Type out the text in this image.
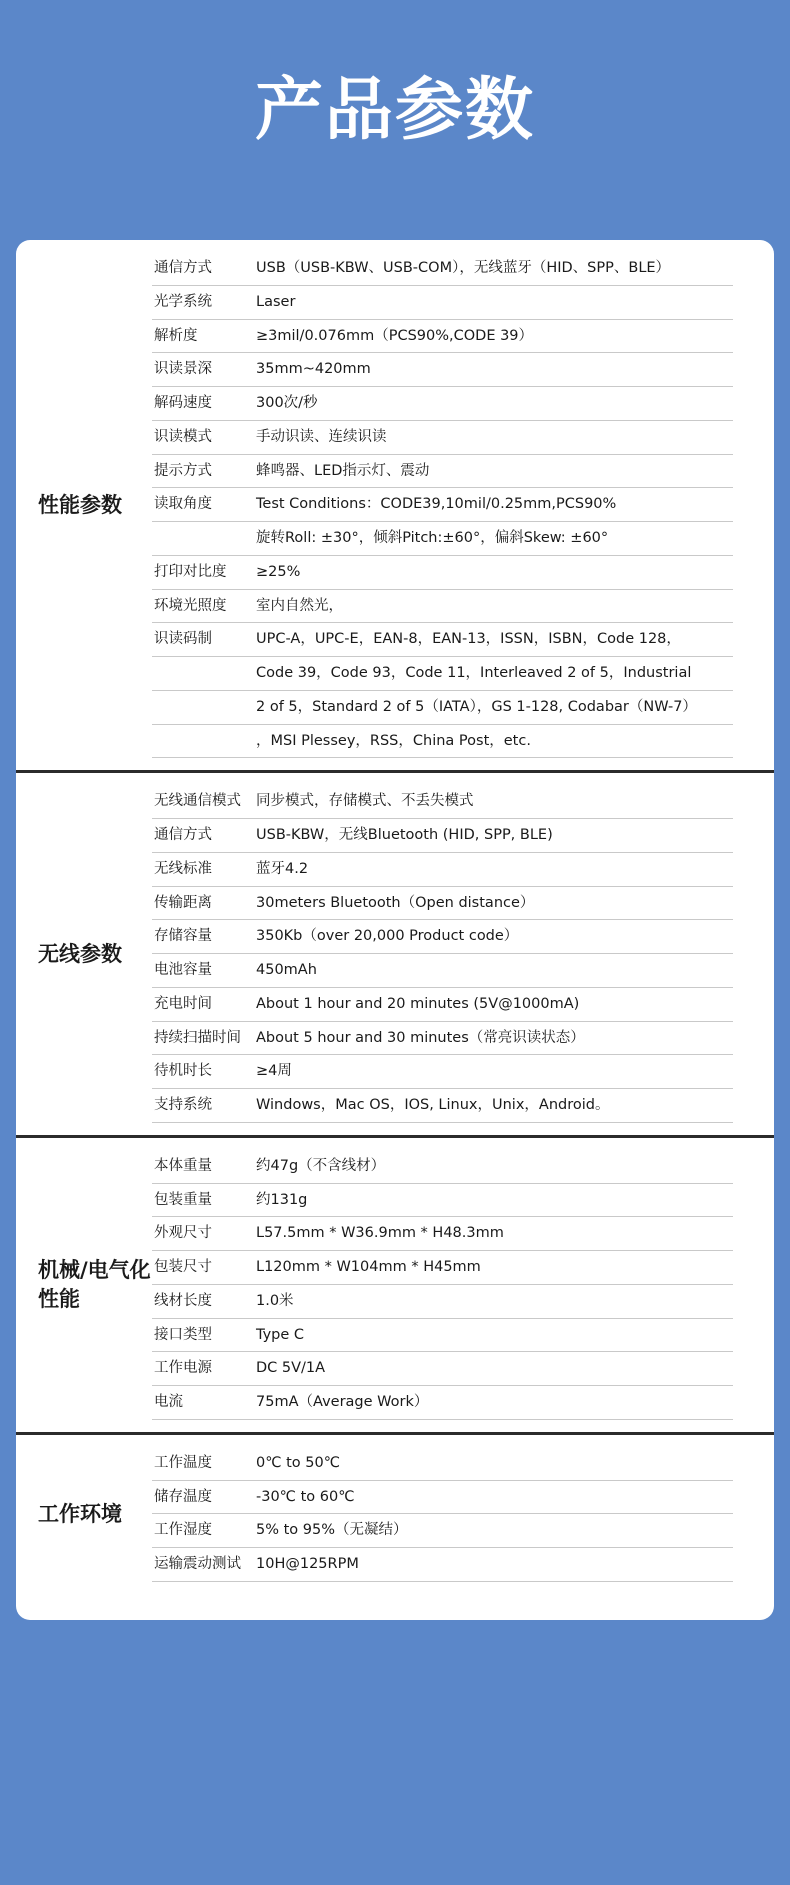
产品参数
性能参数
通信方式	USB（USB-KBW、USB-COM），无线蓝牙（HID、SPP、BLE）
光学系统	Laser
解析度	≥3mil/0.076mm（PCS90%,CODE 39）
识读景深	35mm~420mm
解码速度	300次/秒
识读模式	手动识读、连续识读
提示方式	蜂鸣器、LED指示灯、震动
读取角度	Test Conditions：CODE39,10mil/0.25mm,PCS90%
旋转Roll: ±30°，倾斜Pitch:±60°，偏斜Skew: ±60°
打印对比度	≥25%
环境光照度	室内自然光，
识读码制	UPC-A，UPC-E，EAN-8，EAN-13，ISSN，ISBN，Code 128，
Code 39，Code 93，Code 11，Interleaved 2 of 5，Industrial
2 of 5，Standard 2 of 5（IATA），GS 1-128, Codabar（NW-7）
，MSI Plessey，RSS，China Post，etc.
无线参数
无线通信模式	同步模式，存储模式、不丢失模式
通信方式	USB-KBW，无线Bluetooth (HID, SPP, BLE)
无线标准	蓝牙4.2
传输距离	30meters Bluetooth（Open distance）
存储容量	350Kb（over 20,000 Product code）
电池容量	450mAh
充电时间	About 1 hour and 20 minutes (5V@1000mA)
持续扫描时间	About 5 hour and 30 minutes（常亮识读状态）
待机时长	≥4周
支持系统	Windows，Mac OS，IOS, Linux，Unix，Android。
机械/电气化性能
本体重量	约47g（不含线材）
包装重量	约131g
外观尺寸	L57.5mm * W36.9mm * H48.3mm
包装尺寸	L120mm * W104mm * H45mm
线材长度	1.0米
接口类型	Type C
工作电源	DC 5V/1A
电流	75mA（Average Work）
工作环境
工作温度	0℃ to 50℃
储存温度	-30℃ to 60℃
工作湿度	5% to 95%（无凝结）
运输震动测试	10H@125RPM
